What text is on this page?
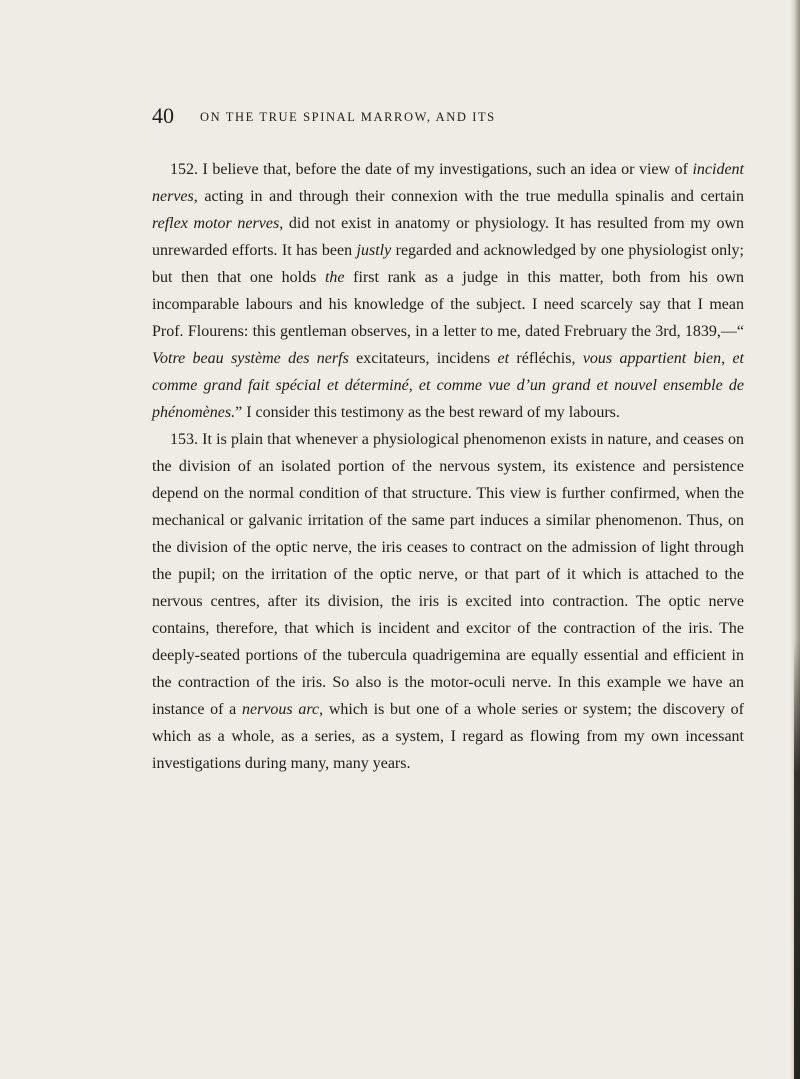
40 ON THE TRUE SPINAL MARROW, AND ITS

152. I believe that, before the date of my investigations, such an idea or view of incident nerves, acting in and through their connexion with the true medulla spinalis and certain reflex motor nerves, did not exist in anatomy or physiology. It has resulted from my own unrewarded efforts. It has been justly regarded and acknowledged by one physiologist only; but then that one holds the first rank as a judge in this matter, both from his own incomparable labours and his knowledge of the subject. I need scarcely say that I mean Prof. Flourens: this gentleman observes, in a letter to me, dated Frebruary the 3rd, 1839,—“ Votre beau système des nerfs excitateurs, incidens et réfléchis, vous appartient bien, et comme grand fait spécial et déterminé, et comme vue d’un grand et nouvel ensemble de phénomènes.” I consider this testimony as the best reward of my labours.

153. It is plain that whenever a physiological phenomenon exists in nature, and ceases on the division of an isolated portion of the nervous system, its existence and persistence depend on the normal condition of that structure. This view is further confirmed, when the mechanical or galvanic irritation of the same part induces a similar phenomenon. Thus, on the division of the optic nerve, the iris ceases to contract on the admission of light through the pupil; on the irritation of the optic nerve, or that part of it which is attached to the nervous centres, after its division, the iris is excited into contraction. The optic nerve contains, therefore, that which is incident and excitor of the contraction of the iris. The deeply-seated portions of the tubercula quadrigemina are equally essential and efficient in the contraction of the iris. So also is the motor-oculi nerve. In this example we have an instance of a nervous arc, which is but one of a whole series or system; the discovery of which as a whole, as a series, as a system, I regard as flowing from my own incessant investigations during many, many years.
